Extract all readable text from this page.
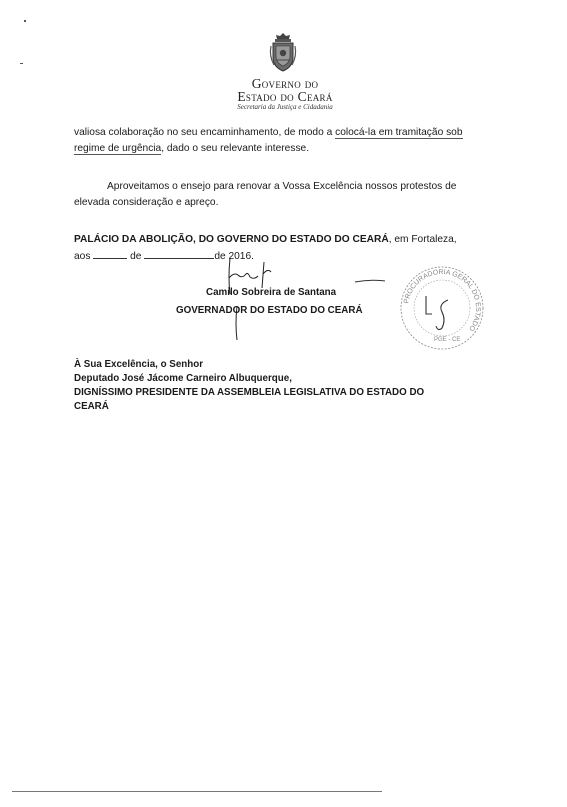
Governo do
Estado do Ceará
Secretaria da Justiça e Cidadania
valiosa colaboração no seu encaminhamento, de modo a colocá-la em tramitação sob
regime de urgência, dado o seu relevante interesse.
Aproveitamos o ensejo para renovar a Vossa Excelência nossos protestos de
elevada consideração e apreço.
PALÁCIO DA ABOLIÇÃO, DO GOVERNO DO ESTADO DO CEARÁ, em Fortaleza,
aos	de	de 2016.
Camilo Sobreira de Santana
GOVERNADOR DO ESTADO DO CEARÁ
PROCURADORIA GERAL DO ESTADO
PGE - CE
À Sua Excelência, o Senhor
Deputado José Jácome Carneiro Albuquerque,
DIGNÍSSIMO PRESIDENTE DA ASSEMBLEIA LEGISLATIVA DO ESTADO DO
CEARÁ
